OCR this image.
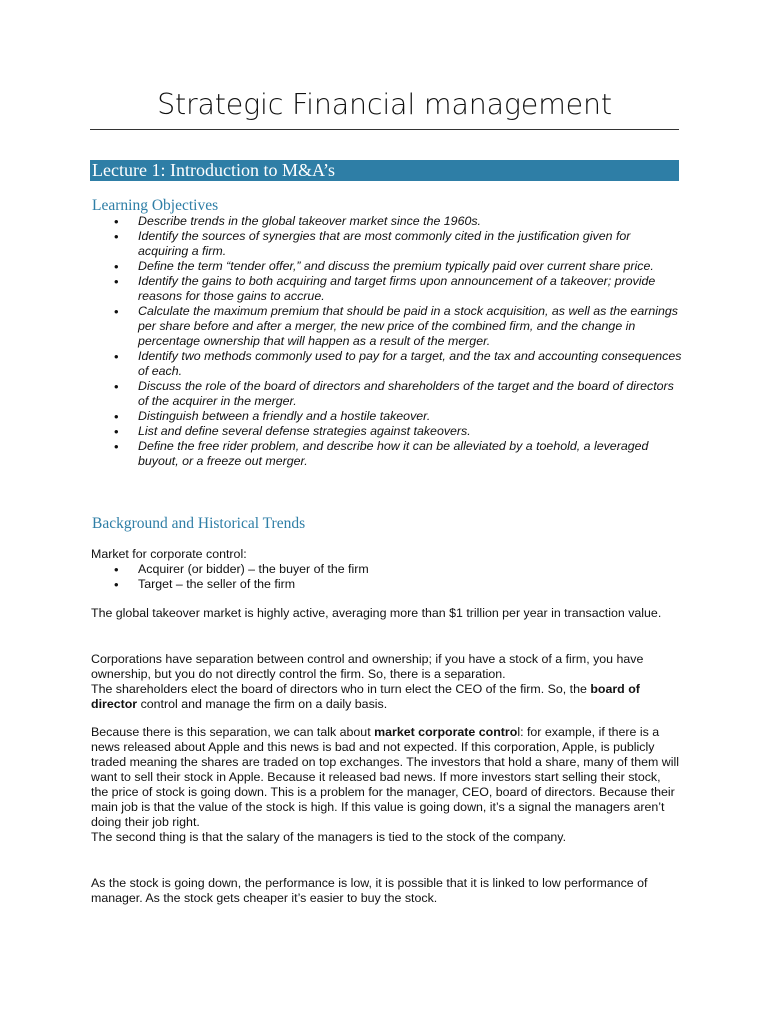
Strategic Financial management
Lecture 1: Introduction to M&A’s
Learning Objectives
• Describe trends in the global takeover market since the 1960s.
• Identify the sources of synergies that are most commonly cited in the justification given for acquiring a firm.
• Define the term “tender offer,” and discuss the premium typically paid over current share price.
• Identify the gains to both acquiring and target firms upon announcement of a takeover; provide reasons for those gains to accrue.
• Calculate the maximum premium that should be paid in a stock acquisition, as well as the earnings per share before and after a merger, the new price of the combined firm, and the change in percentage ownership that will happen as a result of the merger.
• Identify two methods commonly used to pay for a target, and the tax and accounting consequences of each.
• Discuss the role of the board of directors and shareholders of the target and the board of directors of the acquirer in the merger.
• Distinguish between a friendly and a hostile takeover.
• List and define several defense strategies against takeovers.
• Define the free rider problem, and describe how it can be alleviated by a toehold, a leveraged buyout, or a freeze out merger.
Background and Historical Trends

Market for corporate control:

• Acquirer (or bidder) – the buyer of the firm
• Target – the seller of the firm

The global takeover market is highly active, averaging more than $1 trillion per year in transaction value.

Corporations have separation between control and ownership; if you have a stock of a firm, you have ownership, but you do not directly control the firm. So, there is a separation.
The shareholders elect the board of directors who in turn elect the CEO of the firm. So, the board of director control and manage the firm on a daily basis.
Because there is this separation, we can talk about market corporate control: for example, if there is a news released about Apple and this news is bad and not expected. If this corporation, Apple, is publicly traded meaning the shares are traded on top exchanges. The investors that hold a share, many of them will want to sell their stock in Apple. Because it released bad news. If more investors start selling their stock, the price of stock is going down. This is a problem for the manager, CEO, board of directors. Because their main job is that the value of the stock is high. If this value is going down, it’s a signal the managers aren’t doing their job right.
The second thing is that the salary of the managers is tied to the stock of the company.

As the stock is going down, the performance is low, it is possible that it is linked to low performance of manager. As the stock gets cheaper it’s easier to buy the stock.
